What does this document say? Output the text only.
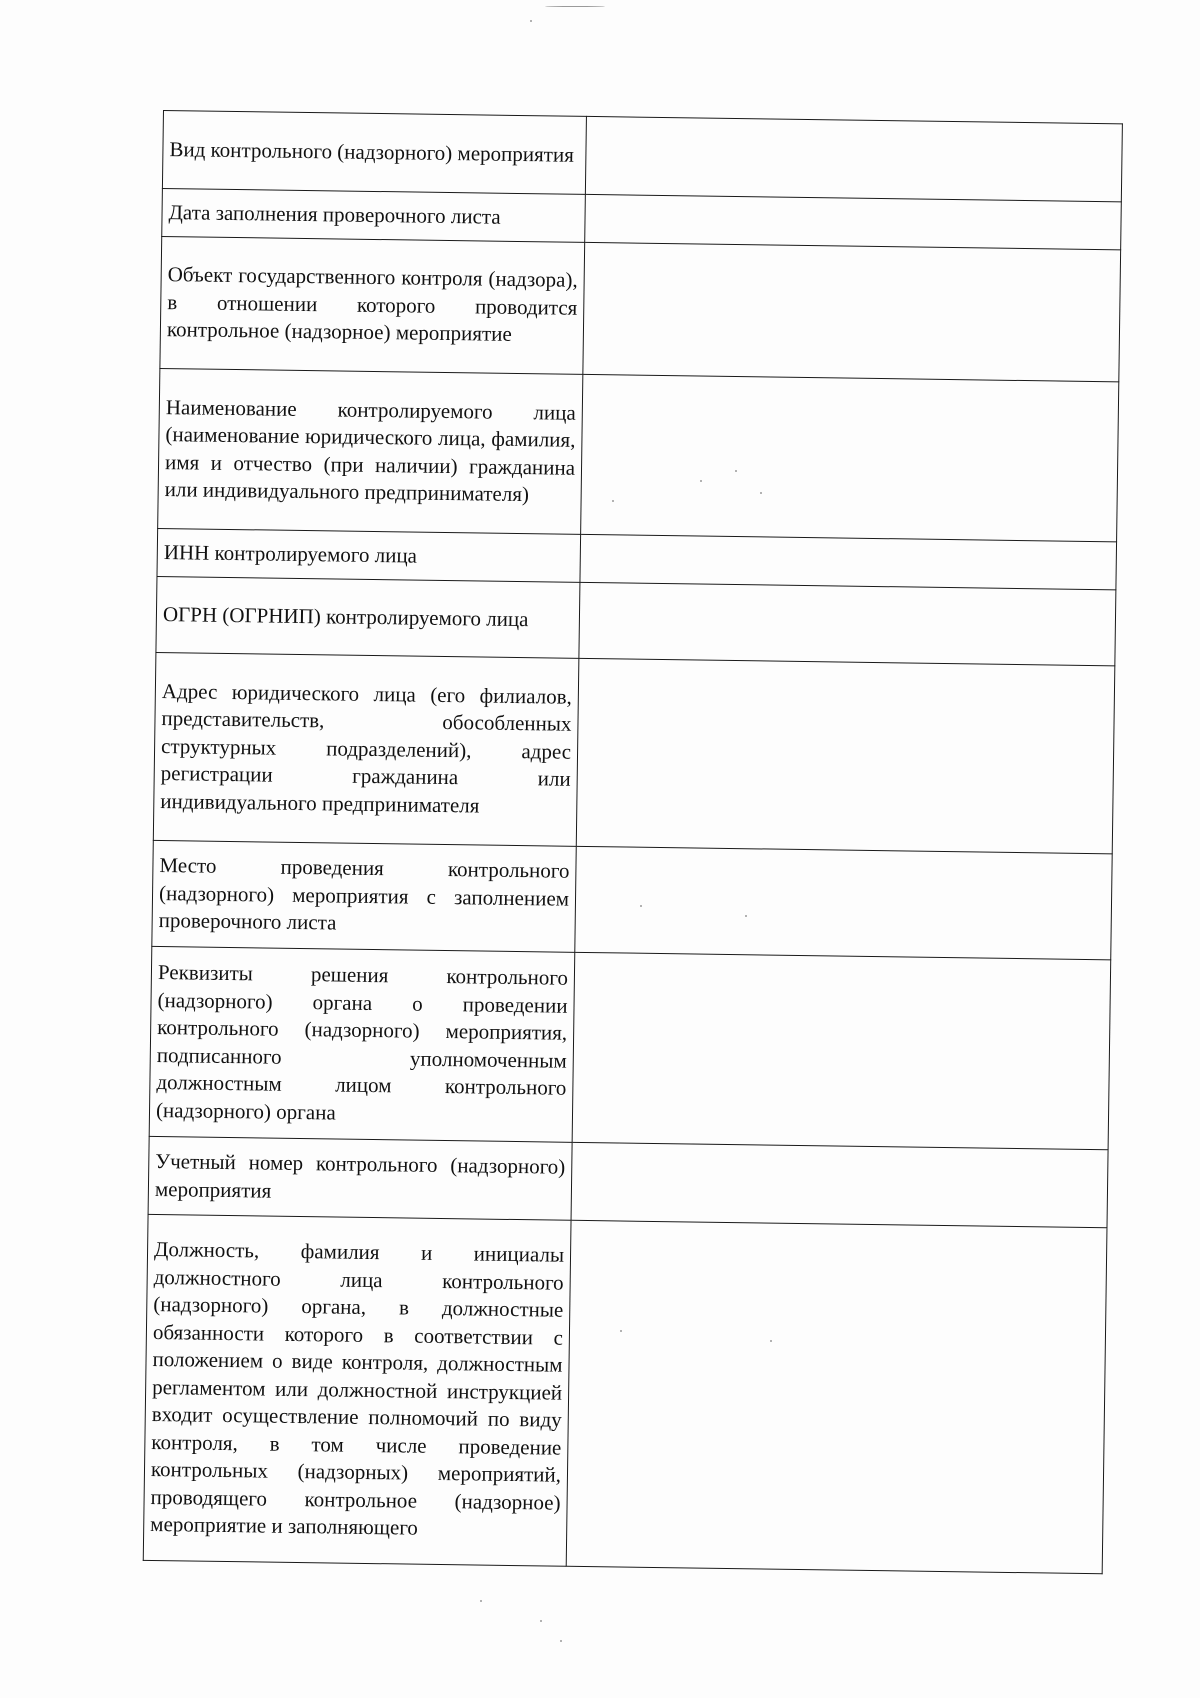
Вид контрольного (надзорного) мероприятия	
Дата заполнения проверочного листа	
Объект государственного контроля (надзора), в отношении которого проводится контрольное (надзорное) мероприятие	
Наименование контролируемого лица (наименование юридического лица, фамилия, имя и отчество (при наличии) гражданина или индивидуального предпринимателя)	
ИНН контролируемого лица	
ОГРН (ОГРНИП) контролируемого лица	
Адрес юридического лица (его филиалов, представительств, обособленных структурных подразделений), адрес регистрации гражданина или индивидуального предпринимателя	
Место проведения контрольного (надзорного) мероприятия с заполнением проверочного листа	
Реквизиты решения контрольного (надзорного) органа о проведении контрольного (надзорного) мероприятия, подписанного уполномоченным должностным лицом контрольного (надзорного) органа	
Учетный номер контрольного (надзорного) мероприятия	
Должность, фамилия и инициалы должностного лица контрольного (надзорного) органа, в должностные обязанности которого в соответствии с положением о виде контроля, должностным регламентом или должностной инструкцией входит осуществление полномочий по виду контроля, в том числе проведение контрольных (надзорных) мероприятий, проводящего контрольное (надзорное) мероприятие и заполняющего	
